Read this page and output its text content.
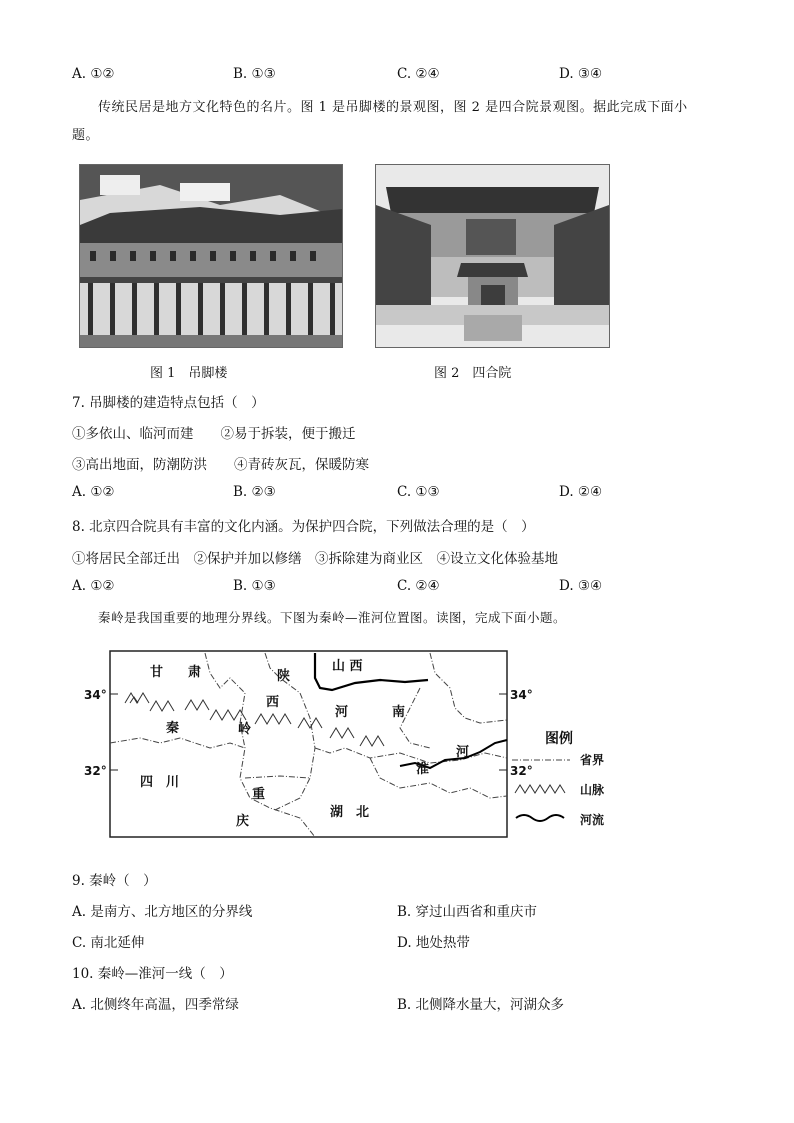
A. ①②	B. ①③	C. ②④	D. ③④
传统民居是地方文化特色的名片。图 1 是吊脚楼的景观图，图 2 是四合院景观图。据此完成下面小题。
图 1　吊脚楼	图 2　四合院
7. 吊脚楼的建造特点包括（　）
①多依山、临河而建　　②易于拆装，便于搬迁
③高出地面，防潮防洪　　④青砖灰瓦，保暖防寒
A. ①②	B. ②③	C. ①③	D. ②④
8. 北京四合院具有丰富的文化内涵。为保护四合院，下列做法合理的是（　）
①将居民全部迁出　②保护并加以修缮　③拆除建为商业区　④设立文化体验基地
A. ①②	B. ①③	C. ②④	D. ③④
秦岭是我国重要的地理分界线。下图为秦岭—淮河位置图。读图，完成下面小题。
甘 肃	陕
山 西
西
河	南
秦	岭
四　川
重
庆
湖　北
淮
河
34°	34°
32°	32°
图例
省界
山脉
河流
9. 秦岭（　）
A. 是南方、北方地区的分界线	B. 穿过山西省和重庆市
C. 南北延伸	D. 地处热带
10. 秦岭—淮河一线（　）
A. 北侧终年高温，四季常绿	B. 北侧降水量大，河湖众多
